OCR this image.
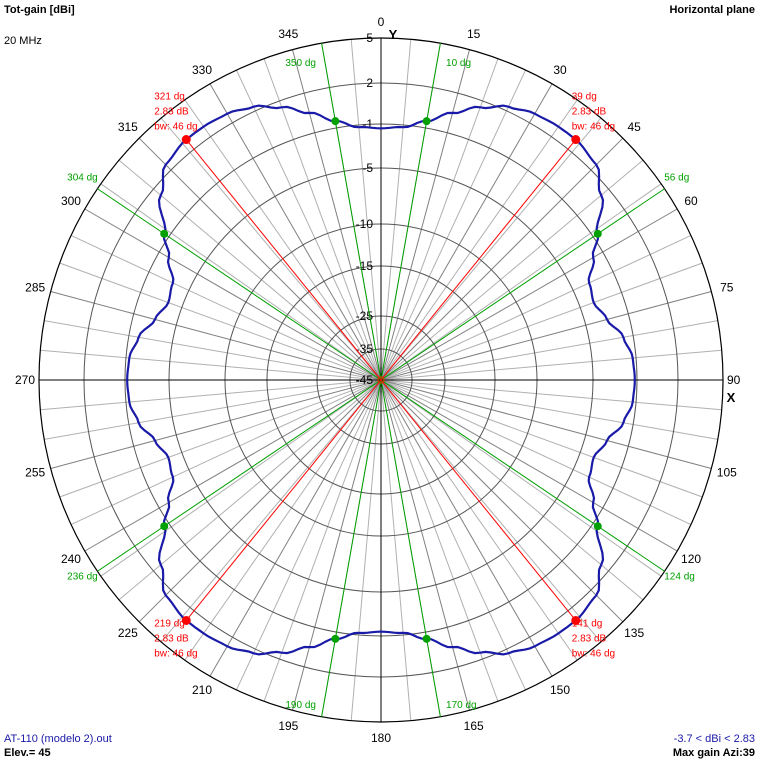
Tot-gain [dBi]
20 MHz
Horizontal plane
AT-110 (modelo 2).out
Elev.= 45
-3.7 < dBi < 2.83
Max gain Azi:39
0
15
30
45
60
75
90
105
120
135
150
165
180
195
210
225
240
255
270
285
300
315
330
345	Y
X
5
2
-1
-5
-10
-15
-25
-35
-45
10 dg
56 dg
124 dg
170 dg
190 dg
236 dg
304 dg
350 dg
39 dg
2.83 dB
bw: 46 dg
141 dg
2.83 dB
bw: 46 dg
219 dg
2.83 dB
bw: 46 dg
321 dg
2.83 dB
bw: 46 dg
